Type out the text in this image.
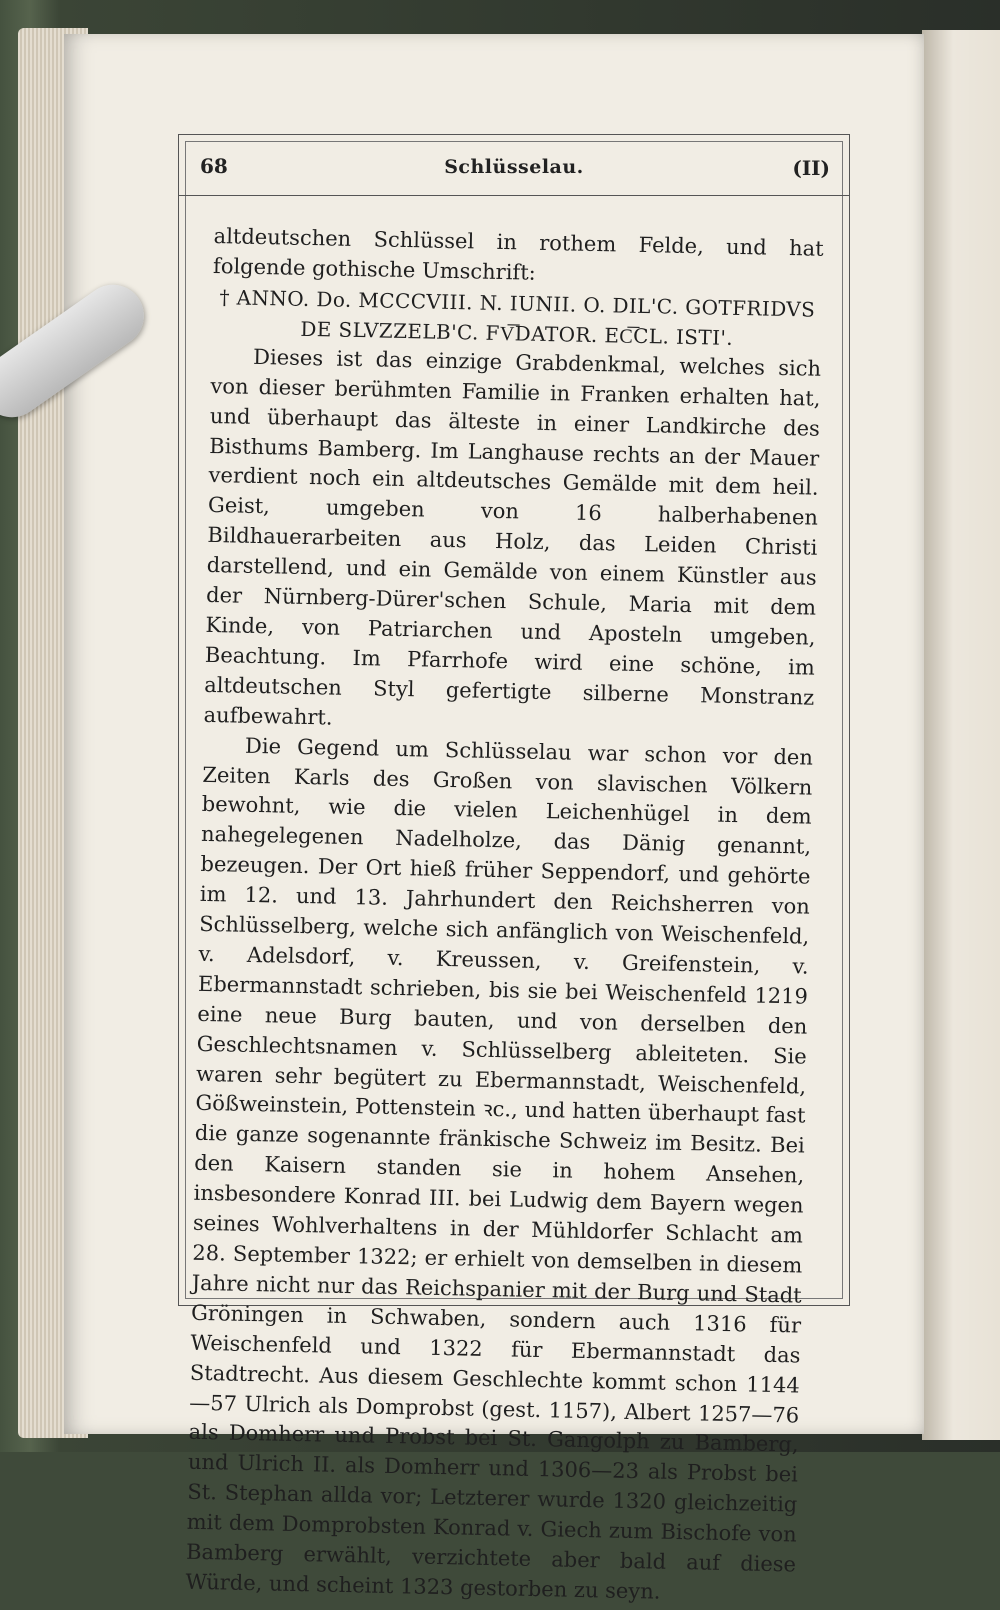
68	Schlüsselau.	(II)

altdeutschen Schlüssel in rothem Felde, und hat folgende gothische Umschrift:

† ANNO. Do. MCCCVIII. N. IUNII. O. DIL'C. GOTFRIDVS DE SLVZZELB'C. FV͞DATOR. EC͞CL. ISTI'.

Dieses ist das einzige Grabdenkmal, welches sich von dieser berühmten Familie in Franken erhalten hat, und überhaupt das älteste in einer Landkirche des Bisthums Bamberg. Im Langhause rechts an der Mauer verdient noch ein altdeutsches Gemälde mit dem heil. Geist, umgeben von 16 halberhabenen Bildhauerarbeiten aus Holz, das Leiden Christi darstellend, und ein Gemälde von einem Künstler aus der Nürnberg-Dürer'schen Schule, Maria mit dem Kinde, von Patriarchen und Aposteln umgeben, Beachtung. Im Pfarrhofe wird eine schöne, im altdeutschen Styl gefertigte silberne Monstranz aufbewahrt.

Die Gegend um Schlüsselau war schon vor den Zeiten Karls des Großen von slavischen Völkern bewohnt, wie die vielen Leichenhügel in dem nahegelegenen Nadelholze, das Dänig genannt, bezeugen. Der Ort hieß früher Seppendorf, und gehörte im 12. und 13. Jahrhundert den Reichsherren von Schlüsselberg, welche sich anfänglich von Weischenfeld, v. Adelsdorf, v. Kreussen, v. Greifenstein, v. Ebermannstadt schrieben, bis sie bei Weischenfeld 1219 eine neue Burg bauten, und von derselben den Geschlechtsnamen v. Schlüsselberg ableiteten. Sie waren sehr begütert zu Ebermannstadt, Weischenfeld, Gößweinstein, Pottenstein ꝛc., und hatten überhaupt fast die ganze sogenannte fränkische Schweiz im Besitz. Bei den Kaisern standen sie in hohem Ansehen, insbesondere Konrad III. bei Ludwig dem Bayern wegen seines Wohlverhaltens in der Mühldorfer Schlacht am 28. September 1322; er erhielt von demselben in diesem Jahre nicht nur das Reichspanier mit der Burg und Stadt Gröningen in Schwaben, sondern auch 1316 für Weischenfeld und 1322 für Ebermannstadt das Stadtrecht. Aus diesem Geschlechte kommt schon 1144—57 Ulrich als Domprobst (gest. 1157), Albert 1257—76 als Domherr und Probst bei St. Gangolph zu Bamberg, und Ulrich II. als Domherr und 1306—23 als Probst bei St. Stephan allda vor; Letzterer wurde 1320 gleichzeitig mit dem Domprobsten Konrad v. Giech zum Bischofe von Bamberg erwählt, verzichtete aber bald auf diese Würde, und scheint 1323 gestorben zu seyn.
